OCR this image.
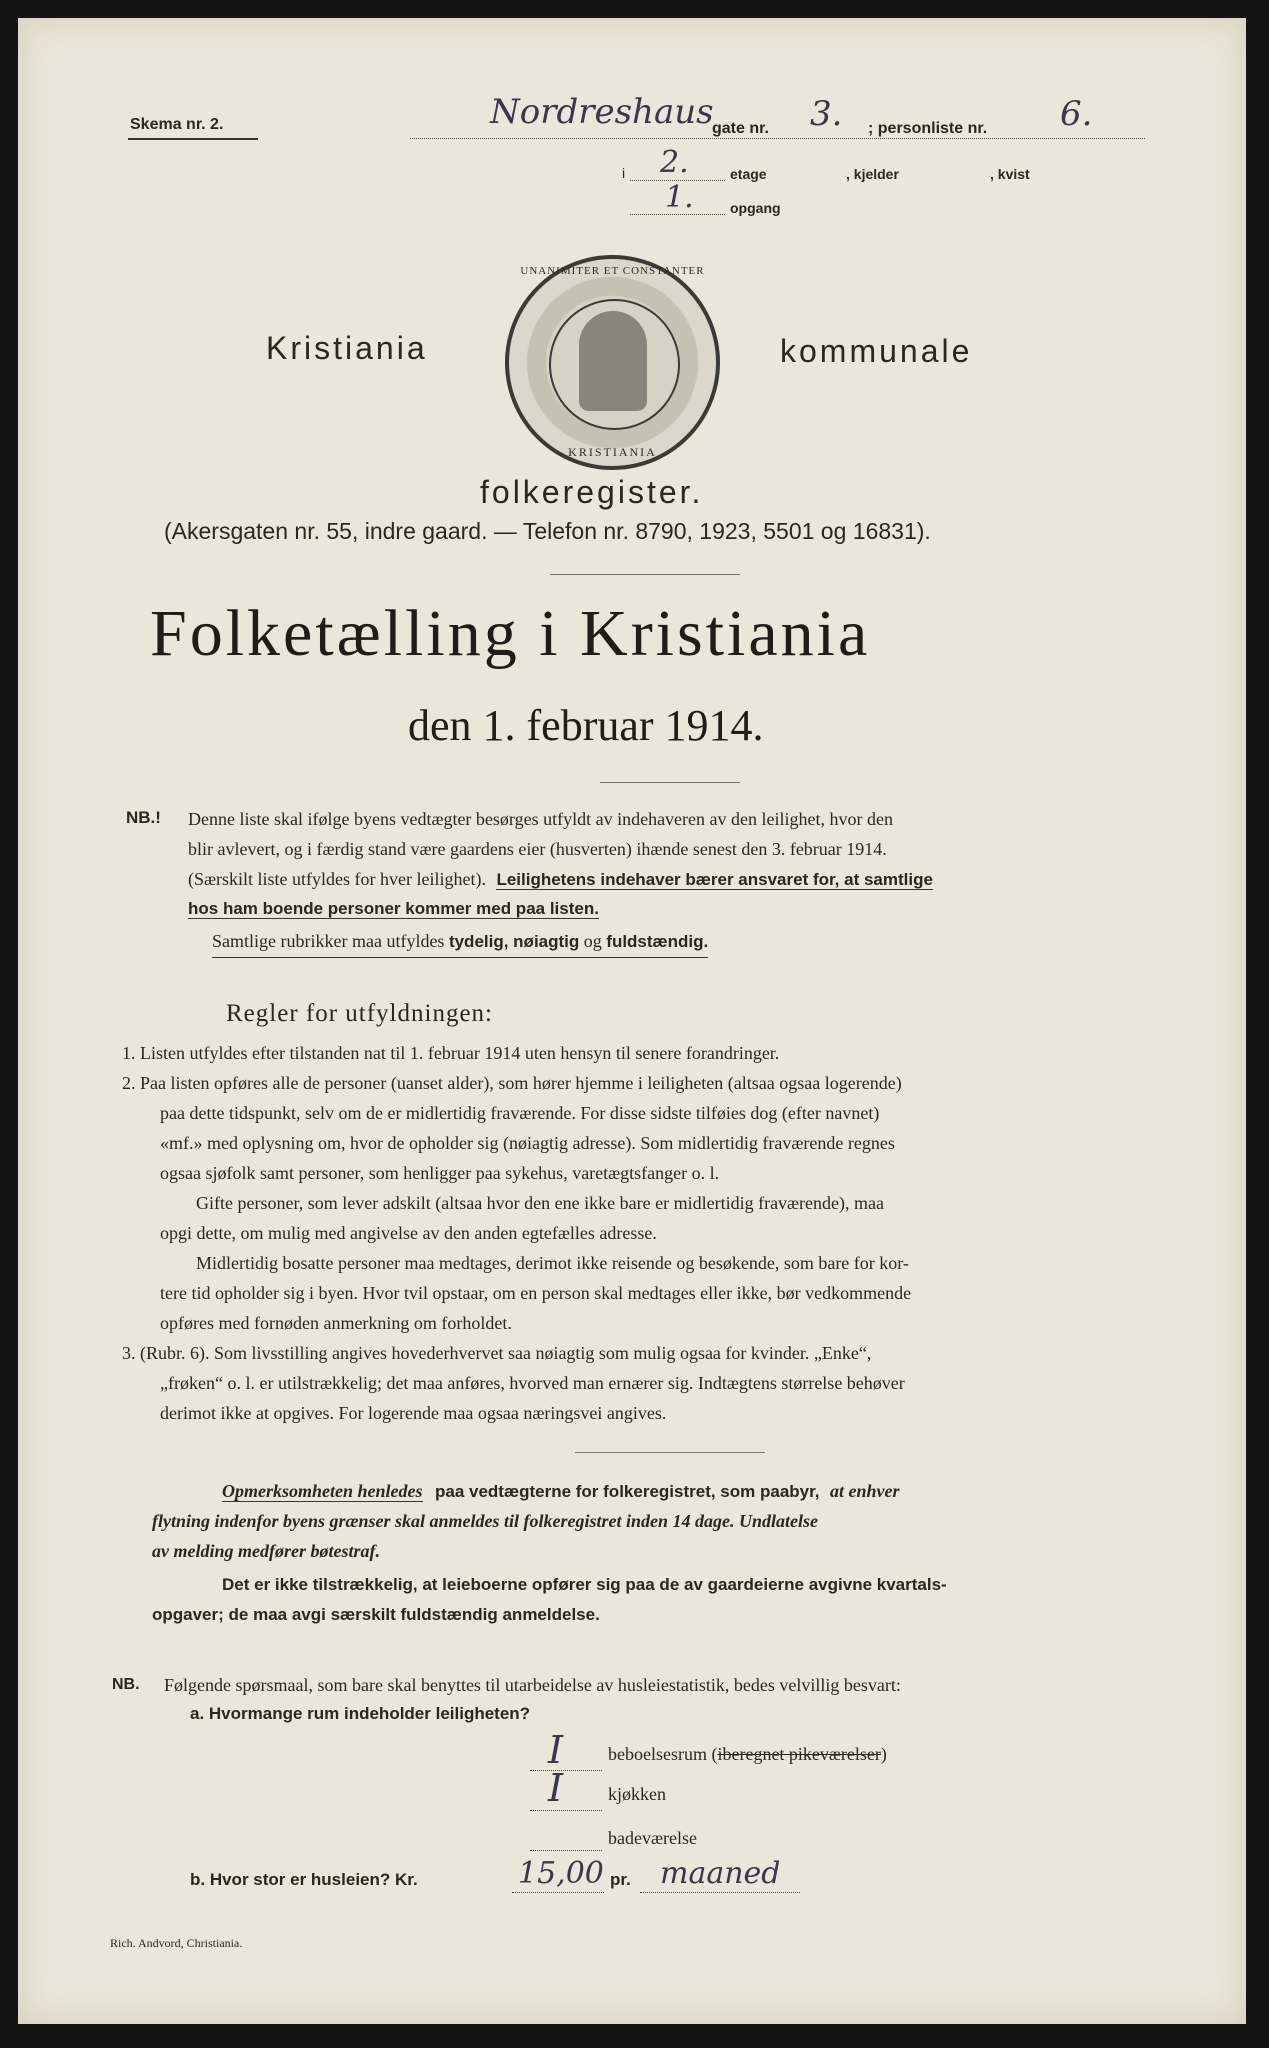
Skema nr. 2.	Nordreshaus
gate nr. 3. ; personliste nr. 6.
i 2.	etage	, kjelder	, kvist
1.	opgang
UNANIMITER ET CONSTANTER
KRISTIANIA
Kristiania	kommunale
folkeregister.
(Akersgaten nr. 55, indre gaard. — Telefon nr. 8790, 1923, 5501 og 16831).
Folketælling i Kristiania
den 1. februar 1914.
NB.! Denne liste skal ifølge byens vedtægter besørges utfyldt av indehaveren av den leilighet, hvor den
blir avlevert, og i færdig stand være gaardens eier (husverten) ihænde senest den 3. februar 1914.
(Særskilt liste utfyldes for hver leilighet). Leilighetens indehaver bærer ansvaret for, at samtlige
hos ham boende personer kommer med paa listen.
Samtlige rubrikker maa utfyldes tydelig, nøiagtig og fuldstændig.
Regler for utfyldningen:
1. Listen utfyldes efter tilstanden nat til 1. februar 1914 uten hensyn til senere forandringer.
2. Paa listen opføres alle de personer (uanset alder), som hører hjemme i leiligheten (altsaa ogsaa logerende)
paa dette tidspunkt, selv om de er midlertidig fraværende. For disse sidste tilføies dog (efter navnet)
«mf.» med oplysning om, hvor de opholder sig (nøiagtig adresse). Som midlertidig fraværende regnes
ogsaa sjøfolk samt personer, som henligger paa sykehus, varetægtsfanger o. l.
Gifte personer, som lever adskilt (altsaa hvor den ene ikke bare er midlertidig fraværende), maa
opgi dette, om mulig med angivelse av den anden egtefælles adresse.
Midlertidig bosatte personer maa medtages, derimot ikke reisende og besøkende, som bare for kor-
tere tid opholder sig i byen. Hvor tvil opstaar, om en person skal medtages eller ikke, bør vedkommende
opføres med fornøden anmerkning om forholdet.
3. (Rubr. 6). Som livsstilling angives hovederhvervet saa nøiagtig som mulig ogsaa for kvinder. „Enke“,
„frøken“ o. l. er utilstrækkelig; det maa anføres, hvorved man ernærer sig. Indtægtens størrelse behøver
derimot ikke at opgives. For logerende maa ogsaa næringsvei angives.
Opmerksomheten henledes paa vedtægterne for folkeregistret, som paabyr, at enhver
flytning indenfor byens grænser skal anmeldes til folkeregistret inden 14 dage. Undlatelse
av melding medfører bøtestraf.
Det er ikke tilstrækkelig, at leieboerne opfører sig paa de av gaardeierne avgivne kvartals-
opgaver; de maa avgi særskilt fuldstændig anmeldelse.
NB. Følgende spørsmaal, som bare skal benyttes til utarbeidelse av husleiestatistik, bedes velvillig besvart:
a. Hvormange rum indeholder leiligheten?
I beboelsesrum (iberegnet pikeværelser)
I kjøkken
badeværelse
b. Hvor stor er husleien? Kr.	15,00 pr. maaned
Rich. Andvord, Christiania.
